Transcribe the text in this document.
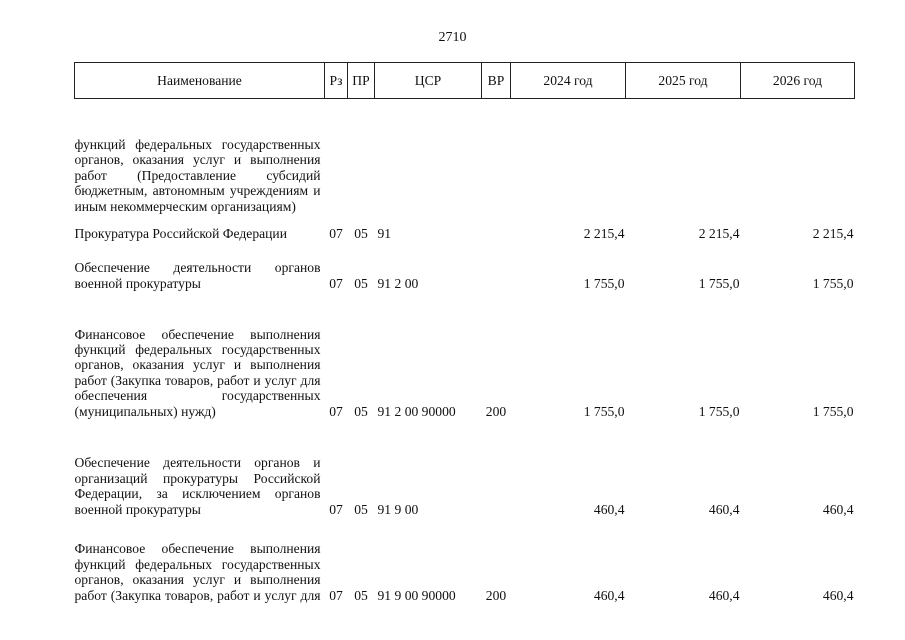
2710
Наименование	Рз	ПР	ЦСР	ВР	2024 год	2025 год	2026 год
функций федеральных государственных органов, оказания услуг и выполнения работ (Предоставление субсидий бюджетным, автономным учреждениям и иным некоммерческим организациям)							
Прокуратура Российской Федерации	07	05	91		2 215,4	2 215,4	2 215,4
Обеспечение деятельности органов военной прокуратуры	07	05	91 2 00		1 755,0	1 755,0	1 755,0
Финансовое обеспечение выполнения функций федеральных государственных органов, оказания услуг и выполнения работ (Закупка товаров, работ и услуг для обеспечения государственных (муниципальных) нужд)	07	05	91 2 00 90000	200	1 755,0	1 755,0	1 755,0
Обеспечение деятельности органов и организаций прокуратуры Российской Федерации, за исключением органов военной прокуратуры	07	05	91 9 00		460,4	460,4	460,4
Финансовое обеспечение выполнения функций федеральных государственных органов, оказания услуг и выполнения работ (Закупка товаров, работ и услуг для	07	05	91 9 00 90000	200	460,4	460,4	460,4
